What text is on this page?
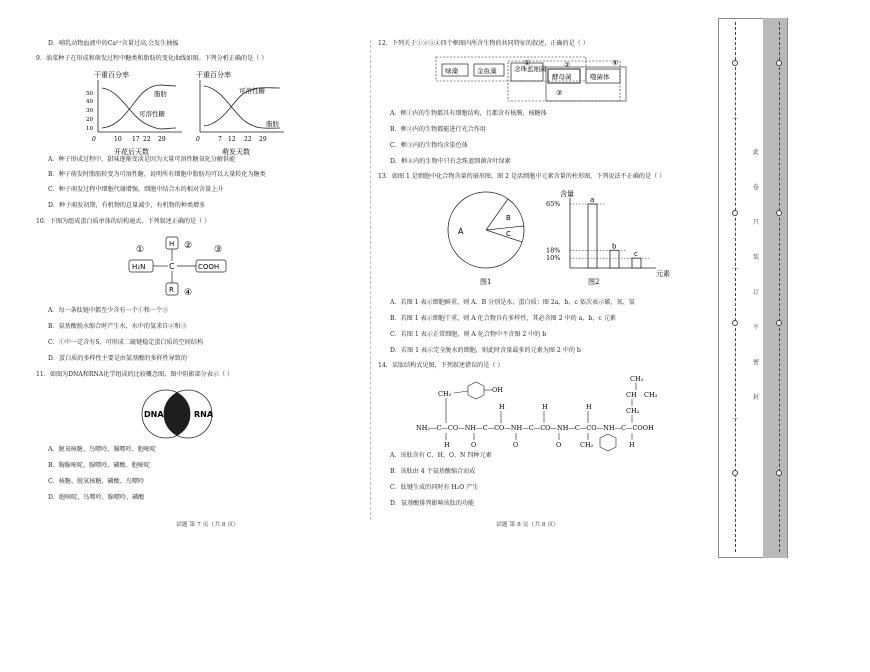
D．哺乳动物血液中的Ca²⁺含量过高,会发生抽搐
9．油菜种子在形成和萌发过程中糖类和脂肪的变化曲线如图。下列分析正确的是（ ）
干重百分率
50
40
30
20
10
脂肪
可溶性糖
0	10 17 22 29
开花后天数
干重百分率
可溶性糖
脂肪
0	7 12 22 29
萌发天数
A．种子形成过程中，甜味逐渐变淡是因为大量可溶性糖氧化分解供能
B．种子萌发时脂肪转变为可溶性糖，说明所有细胞中脂肪均可以大量转化为糖类
C．种子萌发过程中细胞代谢增强，细胞中结合水的相对含量上升
D．种子萌发初期，有机物的总量减少，有机物的种类增多
10．下图为组成蛋白质单体的结构通式，下列叙述正确的是（ ）
①
H₂N	C
H ②
COOH
③
R ④
A．每一条肽链中都至少含有一个①和一个③
B．氨基酸脱水缩合时产生水，水中的氢来自②和③
C．①中一定含有S，可形成二硫键稳定蛋白质的空间结构
D．蛋白质的多样性主要是由氨基酸的多样性导致的
11．如图为DNA和RNA化学组成的比较概念图，图中阴影部分表示（ ）
DNA	RNA
A．脱氧核糖、鸟嘌呤、腺嘌呤、胞嘧啶
B．胸腺嘧啶、腺嘌呤、磷酸、胞嘧啶
C．核糖、脱氧核糖、磷酸、鸟嘌呤
D．胞嘧啶、鸟嘌呤、腺嘌呤、磷酸
试题 第 7 页（共 8 页）
12．下列关于①②③④四个框图内所含生物的共同特征的叙述，正确的是（ ）
①
绿藻	金鱼藻
②
念珠蓝细菌
酵母菌
④
噬菌体
③
A．框①内的生物都具有细胞结构，且都含有核膜、核糖体
B．框②内的生物都能进行光合作用
C．框③内的生物均含染色体
D．框④内的生物中只有念珠蓝细菌含叶绿素
13．如图 1 是细胞中化合物含量的扇形图，图 2 是活细胞中元素含量的柱形图，下列说法不正确的是（ ）
A
B
C
图1
含量
元素
图2
a
b
c
65%
18%
10%
A．若图 1 表示细胞鲜重，则 A、B 分别是水、蛋白质；图 2a、b、c 依次表示碳、氧、氢
B．若图 1 表示细胞干重，则 A 化合物具有多样性，其必含图 2 中的 a、b、c 元素
C．若图 1 表示正常细胞，则 A 化合物中不含图 2 中的 b
D．若图 1 表示完全脱水的细胞，则此时含量最多的元素为图 2 中的 b
14．某肽结构式见图，下列叙述错误的是（ ）
CH₃
CH CH₃
CH₂
CH₂	OH
H	H	H
NH₂—C—CO—NH—C—CO—NH—C—CO—NH—C—CO—NH—C—COOH
H	O	O	O	CH₂	H
A．该肽含有 C、H、O、N 四种元素
B．该肽由 4 个氨基酸缩合而成
C．肽键生成的同时有 H₂O 产生
D．氨基酸排列影响该肽的功能
试题 第 8 页（共 8 页）
…
…
…
此
卷
只
装
订
不
密
封
